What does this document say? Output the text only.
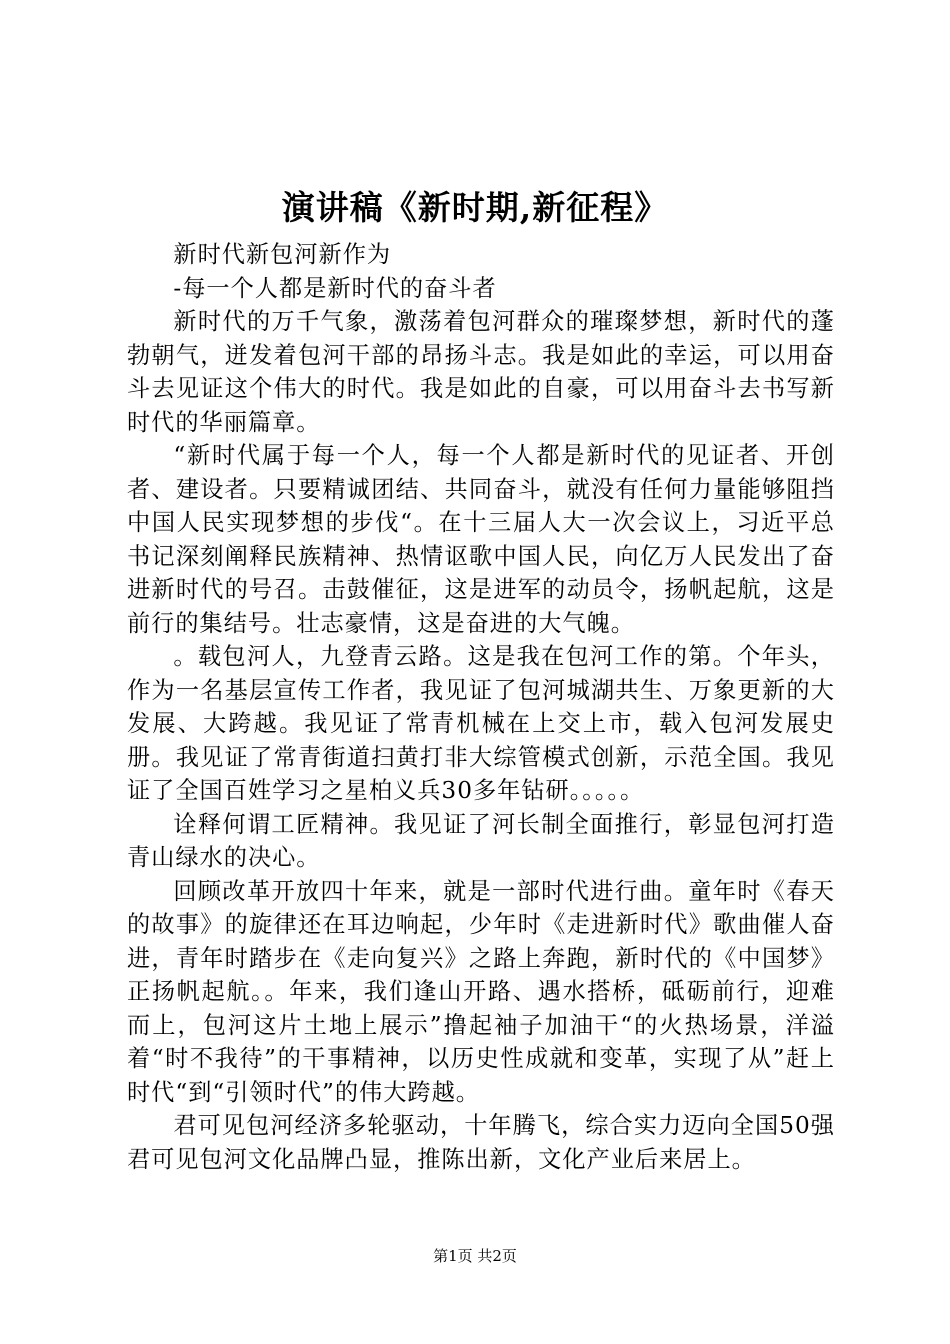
演讲稿《新时期,新征程》

新时代新包河新作为

-每一个人都是新时代的奋斗者

新时代的万千气象，激荡着包河群众的璀璨梦想，新时代的蓬勃朝气，迸发着包河干部的昂扬斗志。我是如此的幸运，可以用奋斗去见证这个伟大的时代。我是如此的自豪，可以用奋斗去书写新时代的华丽篇章。

“新时代属于每一个人，每一个人都是新时代的见证者、开创者、建设者。只要精诚团结、共同奋斗，就没有任何力量能够阻挡中国人民实现梦想的步伐“。在十三届人大一次会议上，习近平总书记深刻阐释民族精神、热情讴歌中国人民，向亿万人民发出了奋进新时代的号召。击鼓催征，这是进军的动员令，扬帆起航，这是前行的集结号。壮志豪情，这是奋进的大气魄。

。载包河人，九登青云路。这是我在包河工作的第。个年头，作为一名基层宣传工作者，我见证了包河城湖共生、万象更新的大发展、大跨越。我见证了常青机械在上交上市，载入包河发展史册。我见证了常青街道扫黄打非大综管模式创新，示范全国。我见证了全国百姓学习之星柏义兵30多年钻研。。。。。

诠释何谓工匠精神。我见证了河长制全面推行，彰显包河打造青山绿水的决心。

回顾改革开放四十年来，就是一部时代进行曲。童年时《春天的故事》的旋律还在耳边响起，少年时《走进新时代》歌曲催人奋进，青年时踏步在《走向复兴》之路上奔跑，新时代的《中国梦》正扬帆起航。。年来，我们逢山开路、遇水搭桥，砥砺前行，迎难而上，包河这片土地上展示”撸起袖子加油干“的火热场景，洋溢着“时不我待”的干事精神，以历史性成就和变革，实现了从”赶上时代“到“引领时代”的伟大跨越。

君可见包河经济多轮驱动，十年腾飞，综合实力迈向全国50强君可见包河文化品牌凸显，推陈出新，文化产业后来居上。

第1页 共2页
